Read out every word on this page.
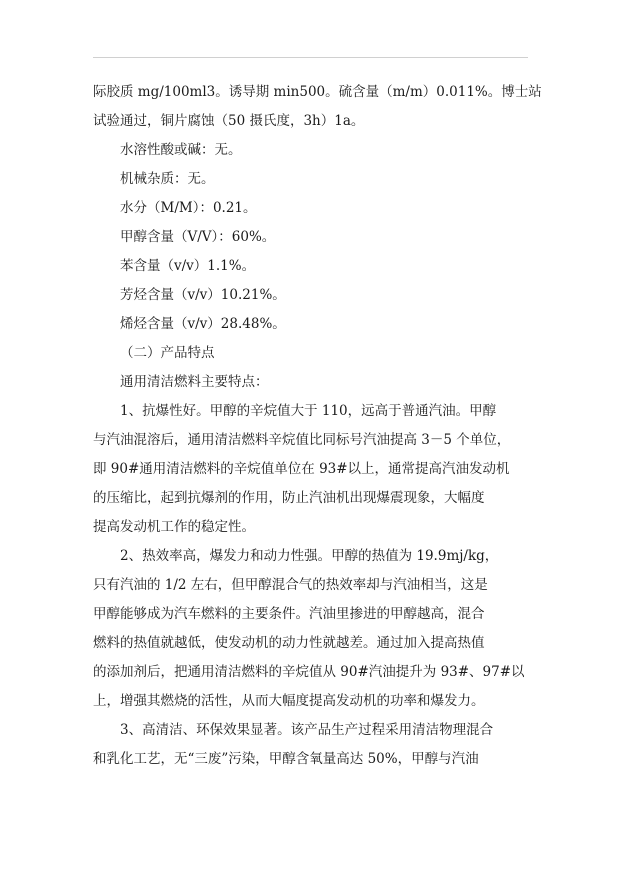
际胶质 mg/100ml3。诱导期 min500。硫含量（m/m）0.011%。博士站
试验通过，铜片腐蚀（50 摄氏度，3h）1a。
水溶性酸或碱：无。
机械杂质：无。
水分（M/M）：0.21。
甲醇含量（V/V）：60%。
苯含量（v/v）1.1%。
芳烃含量（v/v）10.21%。
烯烃含量（v/v）28.48%。
（二）产品特点
通用清洁燃料主要特点：
1、抗爆性好。甲醇的辛烷值大于 110，远高于普通汽油。甲醇
与汽油混溶后，通用清洁燃料辛烷值比同标号汽油提高 3－5 个单位，
即 90#通用清洁燃料的辛烷值单位在 93#以上，通常提高汽油发动机
的压缩比，起到抗爆剂的作用，防止汽油机出现爆震现象，大幅度
提高发动机工作的稳定性。
2、热效率高，爆发力和动力性强。甲醇的热值为 19.9mj/kg，
只有汽油的 1/2 左右，但甲醇混合气的热效率却与汽油相当，这是
甲醇能够成为汽车燃料的主要条件。汽油里掺进的甲醇越高，混合
燃料的热值就越低，使发动机的动力性就越差。通过加入提高热值
的添加剂后，把通用清洁燃料的辛烷值从 90#汽油提升为 93#、97#以
上，增强其燃烧的活性，从而大幅度提高发动机的功率和爆发力。
3、高清洁、环保效果显著。该产品生产过程采用清洁物理混合
和乳化工艺，无“三废”污染，甲醇含氧量高达 50%，甲醇与汽油
